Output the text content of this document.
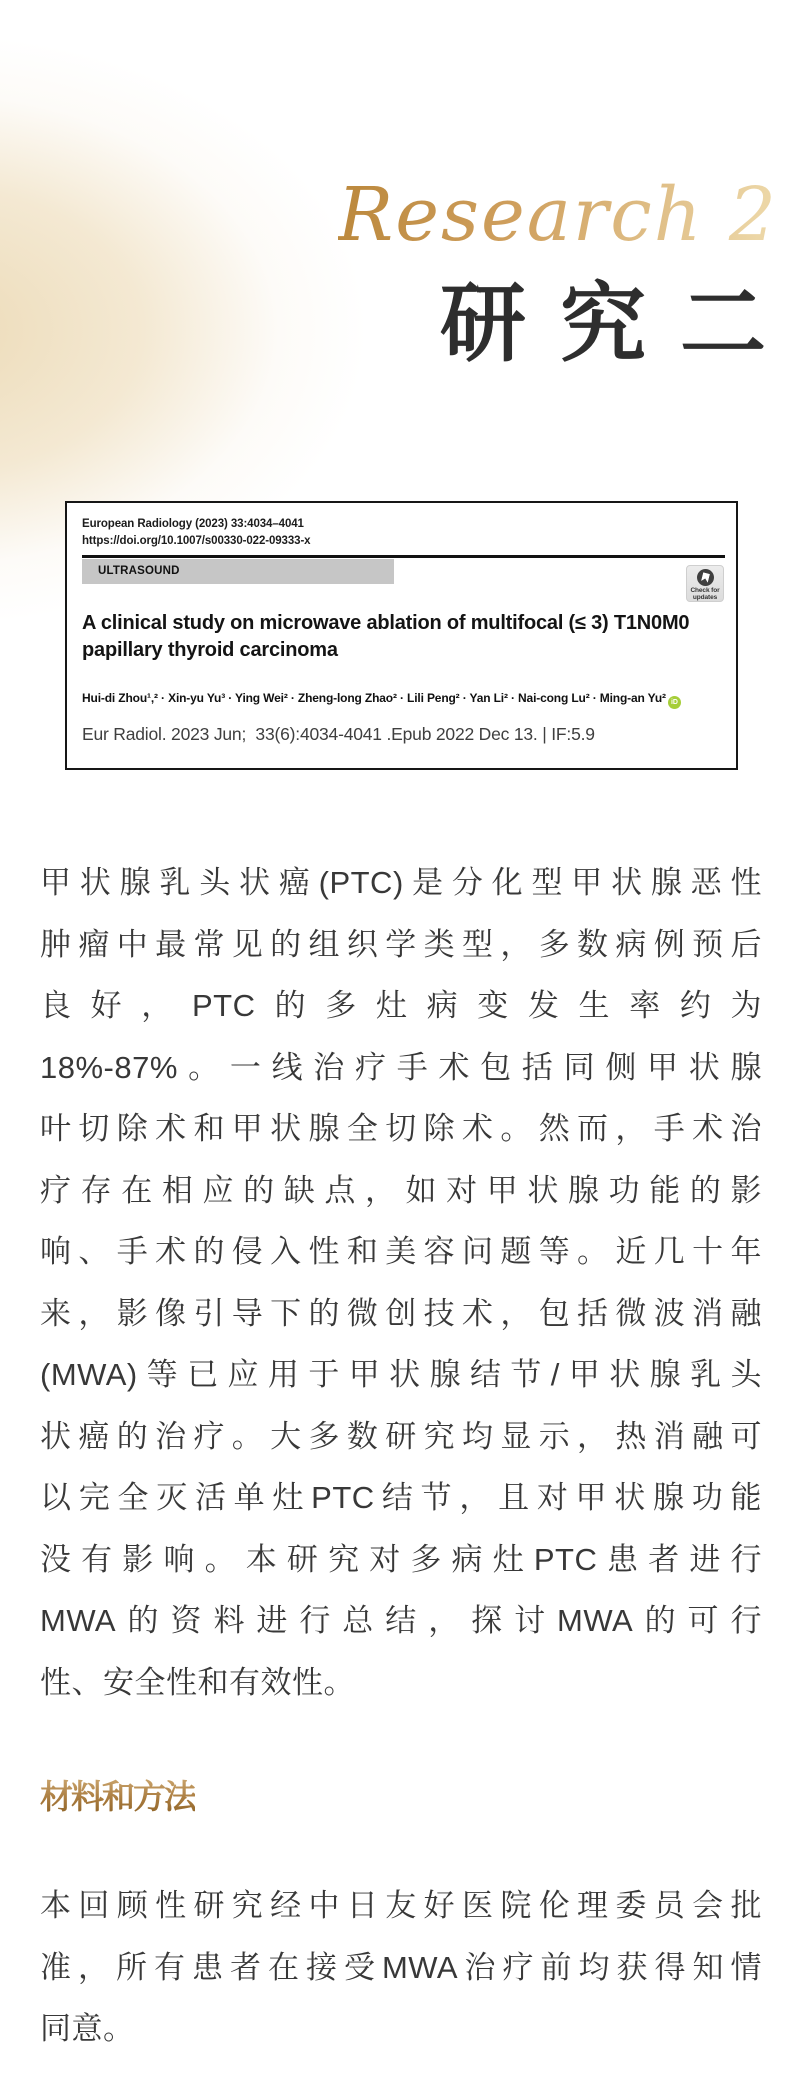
Research 2
研究二
European Radiology (2023) 33:4034–4041
https://doi.org/10.1007/s00330-022-09333-x
ULTRASOUND
Check for
updates
A clinical study on microwave ablation of multifocal (≤ 3) T1N0M0
papillary thyroid carcinoma
Hui-di Zhou¹,² · Xin-yu Yu³ · Ying Wei² · Zheng-long Zhao² · Lili Peng² · Yan Li² · Nai-cong Lu² · Ming-an Yu² iD
Eur Radiol. 2023 Jun;  33(6):4034-4041 .Epub 2022 Dec 13. | IF:5.9
甲状腺乳头状癌(PTC)是分化型甲状腺恶性
肿瘤中最常见的组织学类型，多数病例预后
良好，PTC的多灶病变发生率约为
18%-87%。一线治疗手术包括同侧甲状腺
叶切除术和甲状腺全切除术。然而，手术治
疗存在相应的缺点，如对甲状腺功能的影
响、手术的侵入性和美容问题等。近几十年
来，影像引导下的微创技术，包括微波消融
(MWA)等已应用于甲状腺结节/甲状腺乳头
状癌的治疗。大多数研究均显示，热消融可
以完全灭活单灶PTC结节，且对甲状腺功能
没有影响。本研究对多病灶PTC患者进行
MWA的资料进行总结，探讨MWA的可行
性、安全性和有效性。
材料和方法
本回顾性研究经中日友好医院伦理委员会批
准，所有患者在接受MWA治疗前均获得知情
同意。
